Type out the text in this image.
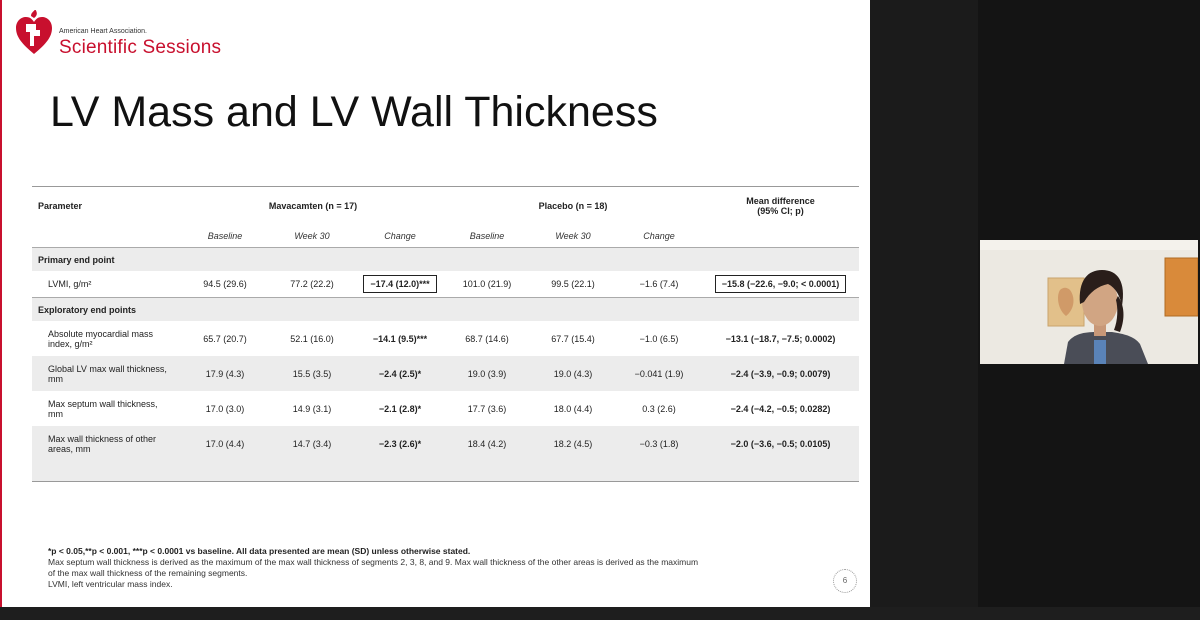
American Heart Association.
Scientific Sessions
LV Mass and LV Wall Thickness
Parameter	Mavacamten (n = 17)			Placebo (n = 18)			Mean difference
(95% CI; p)

	Baseline	Week 30	Change	Baseline	Week 30	Change	
Primary end point							
LVMI, g/m²	94.5 (29.6)	77.2 (22.2)	−17.4 (12.0)***	101.0 (21.9)	99.5 (22.1)	−1.6 (7.4)	−15.8 (−22.6, −9.0; < 0.0001)
Exploratory end points							

Absolute myocardial mass
index, g/m²	65.7 (20.7)	52.1 (16.0)	−14.1 (9.5)***	68.7 (14.6)	67.7 (15.4)	−1.0 (6.5)	−13.1 (−18.7, −7.5; 0.0002)

Global LV max wall thickness,
mm	17.9 (4.3)	15.5 (3.5)	−2.4 (2.5)*	19.0 (3.9)	19.0 (4.3)	−0.041 (1.9)	−2.4 (−3.9, −0.9; 0.0079)

Max septum wall thickness,
mm	17.0 (3.0)	14.9 (3.1)	−2.1 (2.8)*	17.7 (3.6)	18.0 (4.4)	0.3 (2.6)	−2.4 (−4.2, −0.5; 0.0282)

Max wall thickness of other
areas, mm	17.0 (4.4)	14.7 (3.4)	−2.3 (2.6)*	18.4 (4.2)	18.2 (4.5)	−0.3 (1.8)	−2.0 (−3.6, −0.5; 0.0105)

*p < 0.05,**p < 0.001, ***p < 0.0001 vs baseline. All data presented are mean (SD) unless otherwise stated.
Max septum wall thickness is derived as the maximum of the max wall thickness of segments 2, 3, 8, and 9. Max wall thickness of the other areas is derived as the maximum
of the max wall thickness of the remaining segments.
LVMI, left ventricular mass index.	6
